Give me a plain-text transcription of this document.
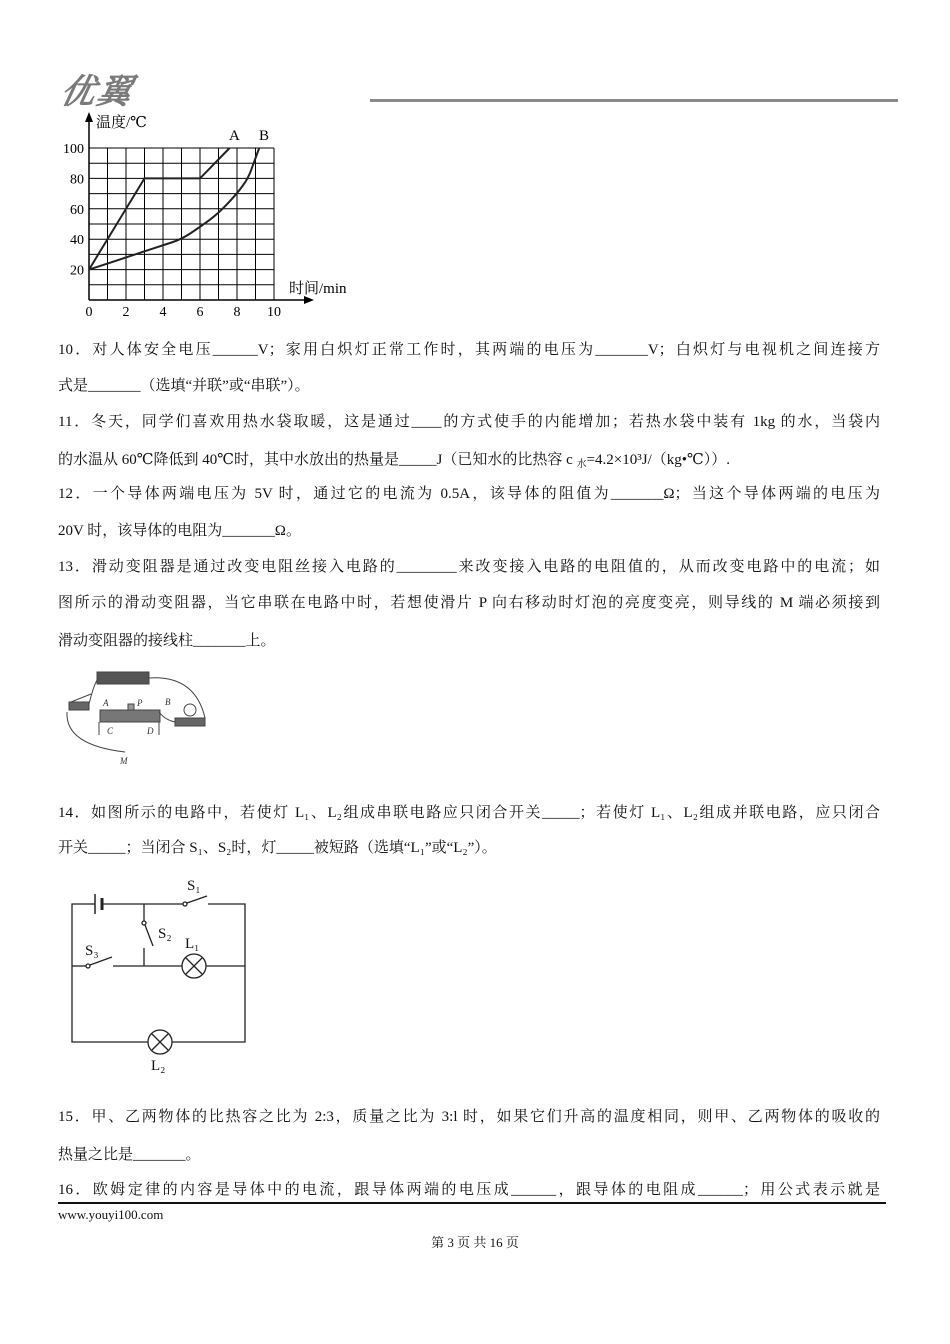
优翼
温度/℃
时间/min
20
40
60
80
100
0 2 4 6 8 10
A B
10．对人体安全电压______V；家用白炽灯正常工作时，其两端的电压为_______V；白炽灯与电视机之间连接方
式是_______（选填“并联”或“串联”）。
11．冬天，同学们喜欢用热水袋取暖，这是通过____的方式使手的内能增加；若热水袋中装有 1kg 的水，当袋内
的水温从 60℃降低到 40℃时，其中水放出的热量是_____J（已知水的比热容 c $_水$=4.2×10³J/（kg•℃））.
12．一个导体两端电压为 5V 时，通过它的电流为 0.5A，该导体的阻值为_______Ω；当这个导体两端的电压为
20V 时，该导体的电阻为_______Ω。
13．滑动变阻器是通过改变电阻丝接入电路的________来改变接入电路的电阻值的，从而改变电路中的电流；如
图所示的滑动变阻器，当它串联在电路中时，若想使滑片 P 向右移动时灯泡的亮度变亮，则导线的 M 端必须接到
滑动变阻器的接线柱_______上。
A	P	B
C	D
M
14．如图所示的电路中，若使灯 L₁、L₂组成串联电路应只闭合开关_____；若使灯 L₁、L₂组成并联电路，应只闭合
开关_____；当闭合 S₁、S₂时，灯_____被短路（选填“L₁”或“L₂”）。
S₁
S₂
L₁
S₃
L₂
15．甲、乙两物体的比热容之比为 2:3，质量之比为 3:l 时，如果它们升高的温度相同，则甲、乙两物体的吸收的
热量之比是_______。
16．欧姆定律的内容是导体中的电流，跟导体两端的电压成______，跟导体的电阻成______；用公式表示就是
www.youyi100.com
第 3 页 共 16 页
